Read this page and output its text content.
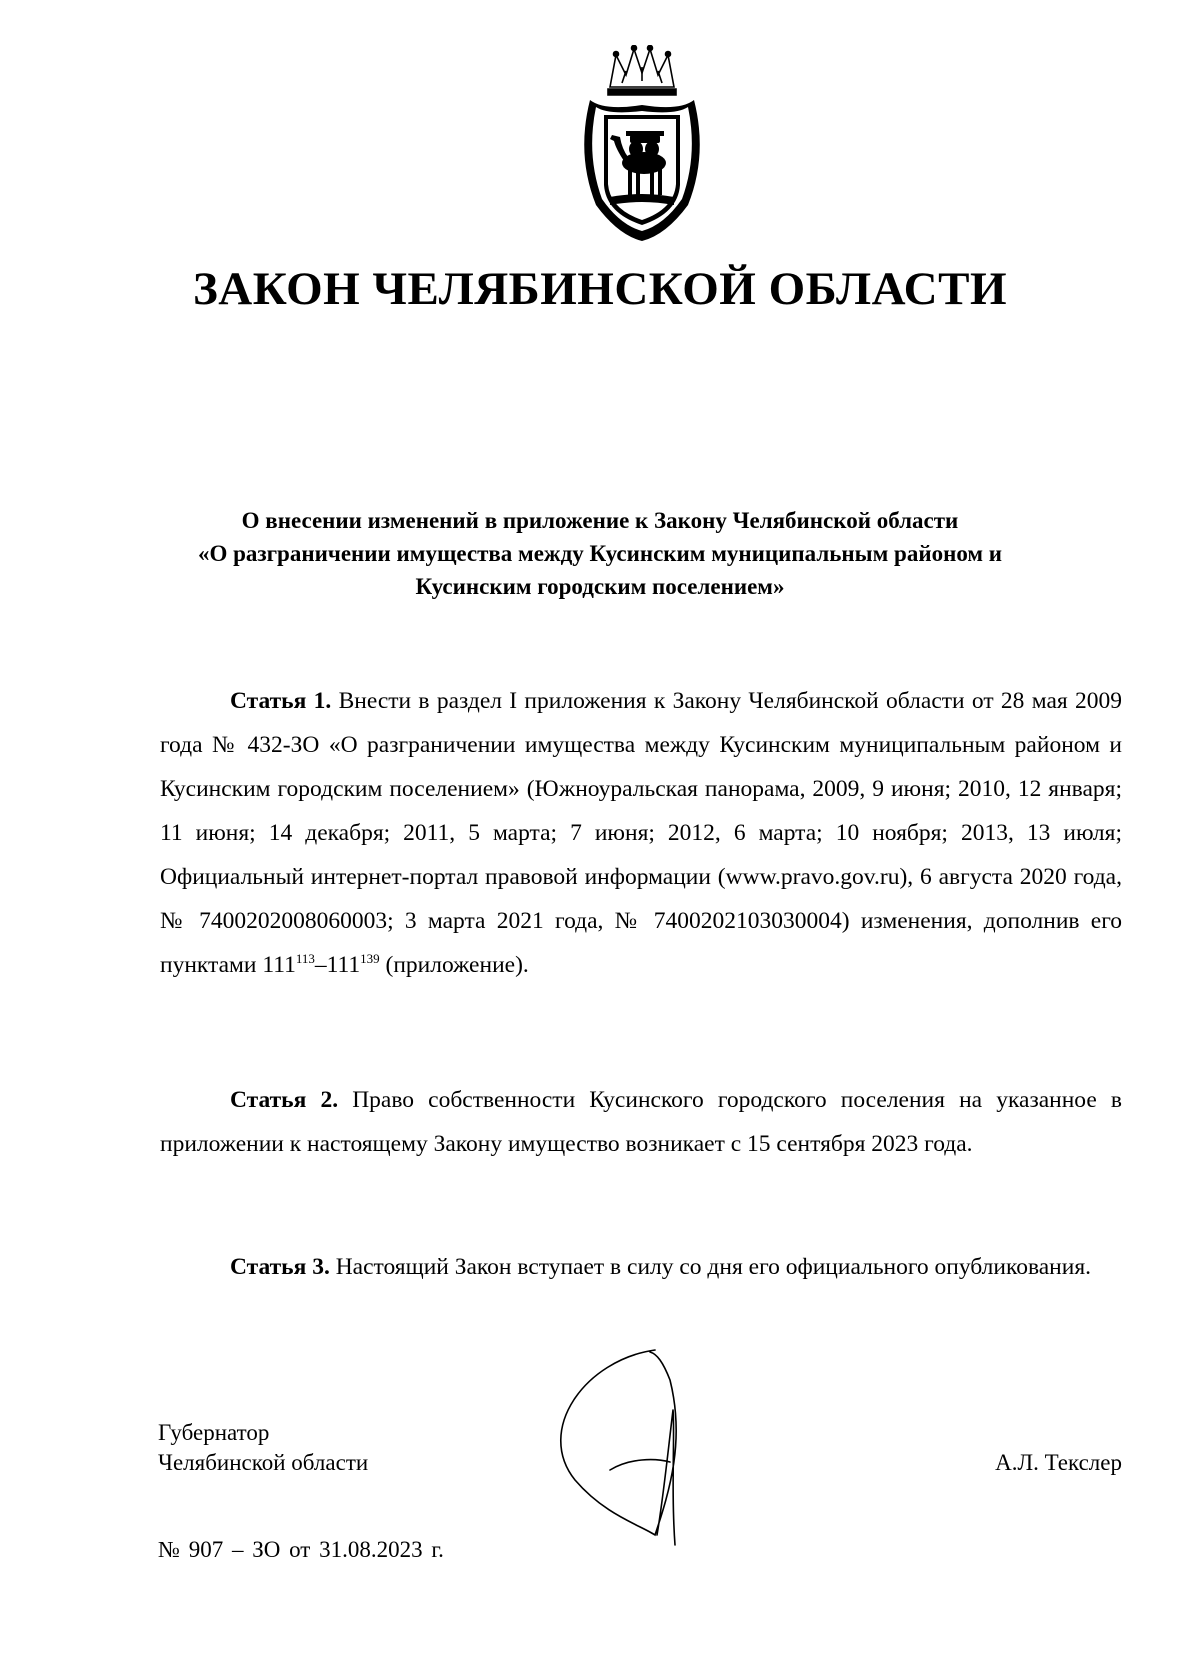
ЗАКОН ЧЕЛЯБИНСКОЙ ОБЛАСТИ
О внесении изменений в приложение к Закону Челябинской области
«О разграничении имущества между Кусинским муниципальным районом и
Кусинским городским поселением»

Статья 1. Внести в раздел I приложения к Закону Челябинской области от 28 мая 2009 года № 432-ЗО «О разграничении имущества между Кусинским муниципальным районом и Кусинским городским поселением» (Южноуральская панорама, 2009, 9 июня; 2010, 12 января; 11 июня; 14 декабря; 2011, 5 марта; 7 июня; 2012, 6 марта; 10 ноября; 2013, 13 июля; Официальный интернет-портал правовой информации (www.pravo.gov.ru), 6 августа 2020 года, № 7400202008060003; 3 марта 2021 года, № 7400202103030004) изменения, дополнив его пунктами $111^{113}-111^{139}$ (приложение).

Статья 2. Право собственности Кусинского городского поселения на указанное в приложении к настоящему Закону имущество возникает с 15 сентября 2023 года.

Статья 3. Настоящий Закон вступает в силу со дня его официального опубликования.

Губернатор
Челябинской области	А.Л. Текслер
№ 907 – ЗО от 31.08.2023 г.
